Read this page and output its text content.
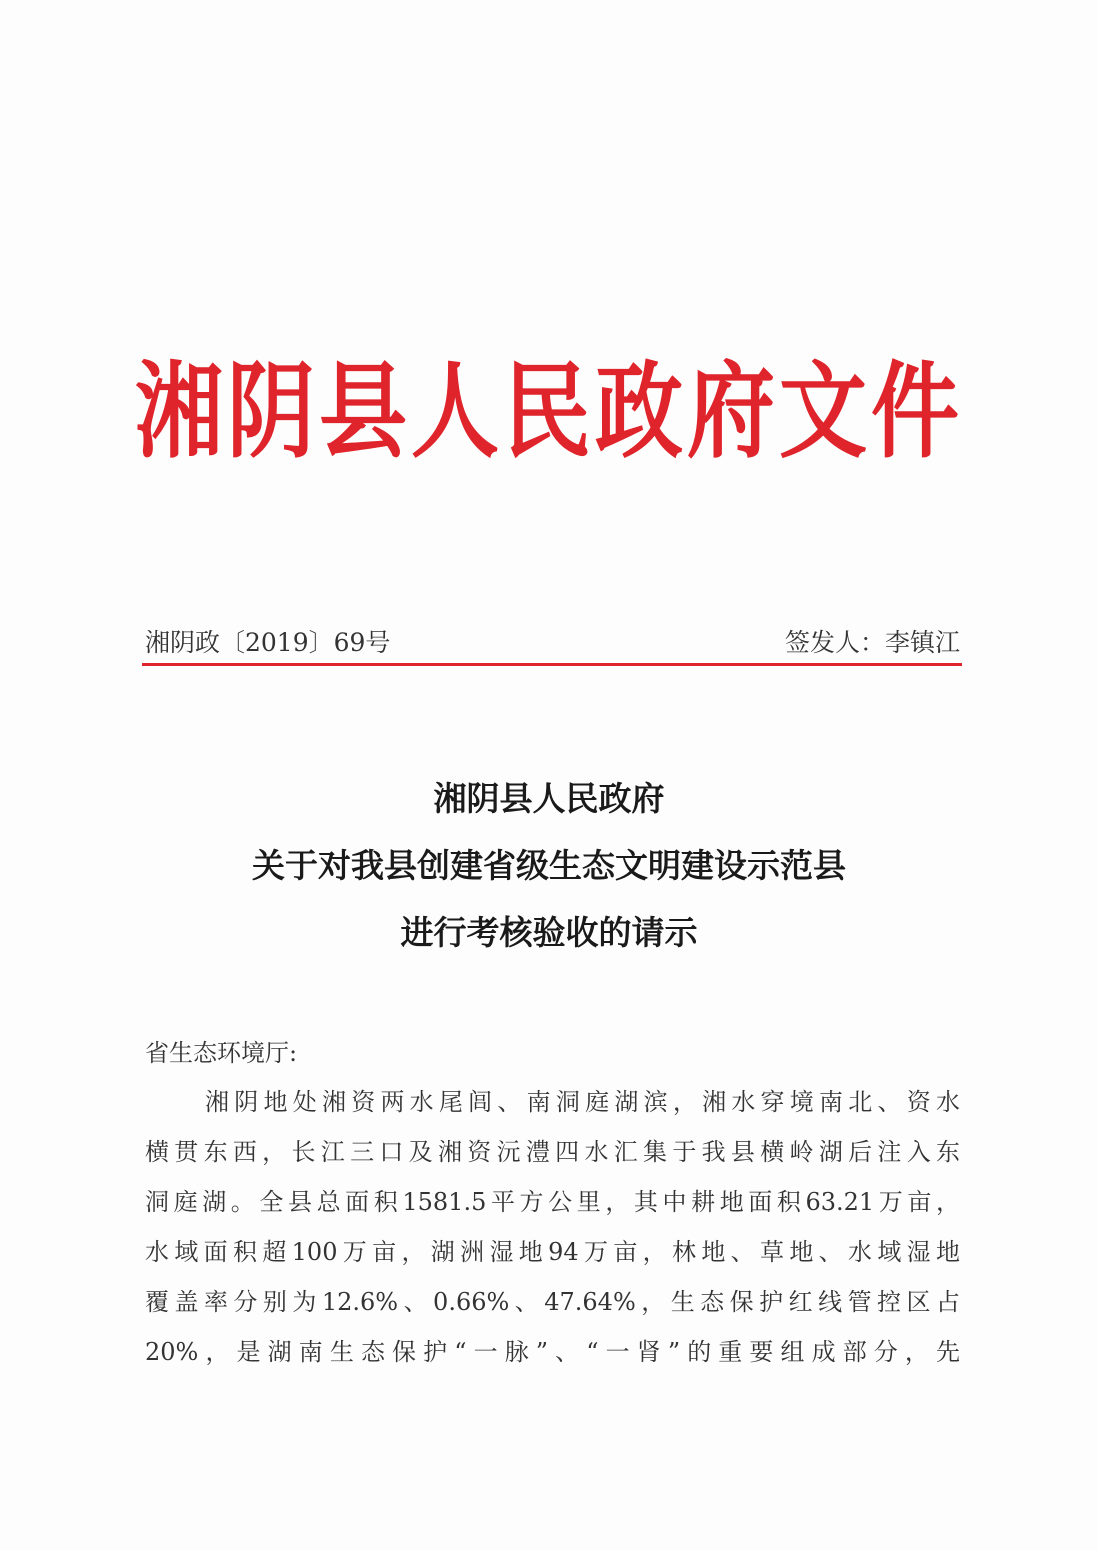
湘阴县人民政府文件
湘阴政〔2019〕69号	签发人：李镇江
湘阴县人民政府
关于对我县创建省级生态文明建设示范县
进行考核验收的请示
省生态环境厅:
湘阴地处湘资两水尾闾、南洞庭湖滨，湘水穿境南北、资水
横贯东西，长江三口及湘资沅澧四水汇集于我县横岭湖后注入东
洞庭湖。全县总面积1581.5平方公里，其中耕地面积63.21万亩，
水域面积超100万亩，湖洲湿地94万亩，林地、草地、水域湿地
覆盖率分别为12.6%、0.66%、47.64%，生态保护红线管控区占
20%，是湖南生态保护“一脉”、“一肾”的重要组成部分，先
